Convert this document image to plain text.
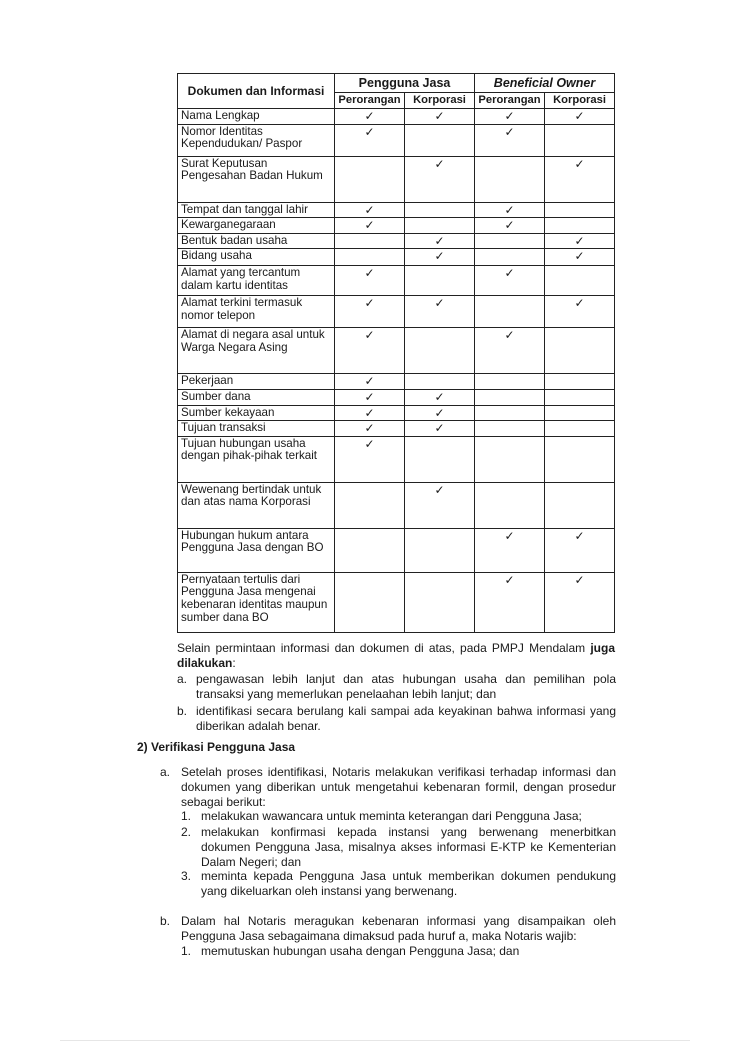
Dokumen dan Informasi	Pengguna Jasa		Beneficial Owner	
	Perorangan	Korporasi	Perorangan	Korporasi
Nama Lengkap	✓	✓	✓	✓
Nomor Identitas Kependudukan/ Paspor	✓		✓	
Surat Keputusan Pengesahan Badan Hukum		✓		✓
Tempat dan tanggal lahir	✓		✓	
Kewarganegaraan	✓		✓	
Bentuk badan usaha		✓		✓
Bidang usaha		✓		✓
Alamat yang tercantum dalam kartu identitas	✓		✓	
Alamat terkini termasuk nomor telepon	✓	✓		✓
Alamat di negara asal untuk Warga Negara Asing	✓		✓	
Pekerjaan	✓			
Sumber dana	✓	✓		
Sumber kekayaan	✓	✓		
Tujuan transaksi	✓	✓		
Tujuan hubungan usaha dengan pihak-pihak terkait	✓			
Wewenang bertindak untuk dan atas nama Korporasi		✓		
Hubungan hukum antara Pengguna Jasa dengan BO			✓	✓
Pernyataan tertulis dari Pengguna Jasa mengenai kebenaran identitas maupun sumber dana BO			✓	✓
Selain permintaan informasi dan dokumen di atas, pada PMPJ Mendalam juga dilakukan:
a. pengawasan lebih lanjut dan atas hubungan usaha dan pemilihan pola transaksi yang memerlukan penelaahan lebih lanjut; dan
b. identifikasi secara berulang kali sampai ada keyakinan bahwa informasi yang diberikan adalah benar.
2) Verifikasi Pengguna Jasa
a. Setelah proses identifikasi, Notaris melakukan verifikasi terhadap informasi dan dokumen yang diberikan untuk mengetahui kebenaran formil, dengan prosedur sebagai berikut:
1. melakukan wawancara untuk meminta keterangan dari Pengguna Jasa;
2. melakukan konfirmasi kepada instansi yang berwenang menerbitkan dokumen Pengguna Jasa, misalnya akses informasi E-KTP ke Kementerian Dalam Negeri; dan
3. meminta kepada Pengguna Jasa untuk memberikan dokumen pendukung yang dikeluarkan oleh instansi yang berwenang.
b. Dalam hal Notaris meragukan kebenaran informasi yang disampaikan oleh Pengguna Jasa sebagaimana dimaksud pada huruf a, maka Notaris wajib:
1. memutuskan hubungan usaha dengan Pengguna Jasa; dan
